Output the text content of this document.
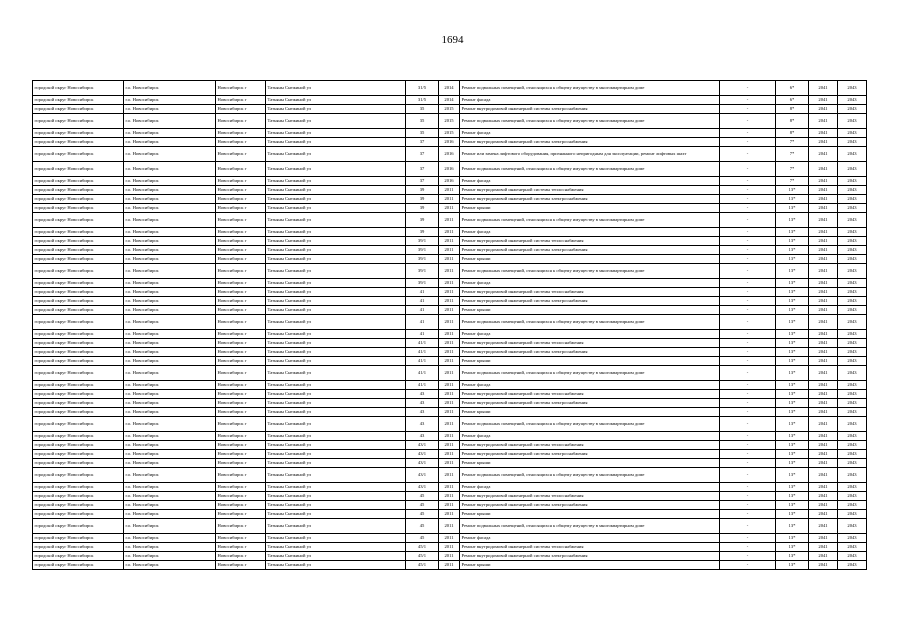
1694
городской округ Новосибирск	г.о. Новосибирск	Новосибирск г	Татьяны Снежиной ул	31/5	2014	Ремонт подвальных помещений, относящихся к общему имуществу в многоквартирном доме	-	6*	2041	2043
городской округ Новосибирск	г.о. Новосибирск	Новосибирск г	Татьяны Снежиной ул	31/5	2014	Ремонт фасада	-	6*	2041	2043
городской округ Новосибирск	г.о. Новосибирск	Новосибирск г	Татьяны Снежиной ул	35	2015	Ремонт внутридомовой инженерной системы электроснабжения	-	8*	2041	2043
городской округ Новосибирск	г.о. Новосибирск	Новосибирск г	Татьяны Снежиной ул	35	2015	Ремонт подвальных помещений, относящихся к общему имуществу в многоквартирном доме	-	8*	2041	2043
городской округ Новосибирск	г.о. Новосибирск	Новосибирск г	Татьяны Снежиной ул	35	2015	Ремонт фасада	-	8*	2041	2043
городской округ Новосибирск	г.о. Новосибирск	Новосибирск г	Татьяны Снежиной ул	37	2016	Ремонт внутридомовой инженерной системы электроснабжения	-	7*	2041	2043
городской округ Новосибирск	г.о. Новосибирск	Новосибирск г	Татьяны Снежиной ул	37	2016	Ремонт или замена лифтового оборудования, признанного непригодным для эксплуатации, ремонт лифтовых шахт	-	7*	2041	2043
городской округ Новосибирск	г.о. Новосибирск	Новосибирск г	Татьяны Снежиной ул	37	2016	Ремонт подвальных помещений, относящихся к общему имуществу в многоквартирном доме	-	7*	2041	2043
городской округ Новосибирск	г.о. Новосибирск	Новосибирск г	Татьяны Снежиной ул	37	2016	Ремонт фасада	-	7*	2041	2043
городской округ Новосибирск	г.о. Новосибирск	Новосибирск г	Татьяны Снежиной ул	39	2011	Ремонт внутридомовой инженерной системы теплоснабжения	-	13*	2041	2043
городской округ Новосибирск	г.о. Новосибирск	Новосибирск г	Татьяны Снежиной ул	39	2011	Ремонт внутридомовой инженерной системы электроснабжения	-	13*	2041	2043
городской округ Новосибирск	г.о. Новосибирск	Новосибирск г	Татьяны Снежиной ул	39	2011	Ремонт крыши	-	13*	2041	2043
городской округ Новосибирск	г.о. Новосибирск	Новосибирск г	Татьяны Снежиной ул	39	2011	Ремонт подвальных помещений, относящихся к общему имуществу в многоквартирном доме	-	13*	2041	2043
городской округ Новосибирск	г.о. Новосибирск	Новосибирск г	Татьяны Снежиной ул	39	2011	Ремонт фасада	-	13*	2041	2043
городской округ Новосибирск	г.о. Новосибирск	Новосибирск г	Татьяны Снежиной ул	39/1	2011	Ремонт внутридомовой инженерной системы теплоснабжения	-	13*	2041	2043
городской округ Новосибирск	г.о. Новосибирск	Новосибирск г	Татьяны Снежиной ул	39/1	2011	Ремонт внутридомовой инженерной системы электроснабжения	-	13*	2041	2043
городской округ Новосибирск	г.о. Новосибирск	Новосибирск г	Татьяны Снежиной ул	39/1	2011	Ремонт крыши	-	13*	2041	2043
городской округ Новосибирск	г.о. Новосибирск	Новосибирск г	Татьяны Снежиной ул	39/1	2011	Ремонт подвальных помещений, относящихся к общему имуществу в многоквартирном доме	-	13*	2041	2043
городской округ Новосибирск	г.о. Новосибирск	Новосибирск г	Татьяны Снежиной ул	39/1	2011	Ремонт фасада	-	13*	2041	2043
городской округ Новосибирск	г.о. Новосибирск	Новосибирск г	Татьяны Снежиной ул	41	2011	Ремонт внутридомовой инженерной системы теплоснабжения	-	13*	2041	2043
городской округ Новосибирск	г.о. Новосибирск	Новосибирск г	Татьяны Снежиной ул	41	2011	Ремонт внутридомовой инженерной системы электроснабжения	-	13*	2041	2043
городской округ Новосибирск	г.о. Новосибирск	Новосибирск г	Татьяны Снежиной ул	41	2011	Ремонт крыши	-	13*	2041	2043
городской округ Новосибирск	г.о. Новосибирск	Новосибирск г	Татьяны Снежиной ул	41	2011	Ремонт подвальных помещений, относящихся к общему имуществу в многоквартирном доме	-	13*	2041	2043
городской округ Новосибирск	г.о. Новосибирск	Новосибирск г	Татьяны Снежиной ул	41	2011	Ремонт фасада	-	13*	2041	2043
городской округ Новосибирск	г.о. Новосибирск	Новосибирск г	Татьяны Снежиной ул	41/1	2011	Ремонт внутридомовой инженерной системы теплоснабжения	-	13*	2041	2043
городской округ Новосибирск	г.о. Новосибирск	Новосибирск г	Татьяны Снежиной ул	41/1	2011	Ремонт внутридомовой инженерной системы электроснабжения	-	13*	2041	2043
городской округ Новосибирск	г.о. Новосибирск	Новосибирск г	Татьяны Снежиной ул	41/1	2011	Ремонт крыши	-	13*	2041	2043
городской округ Новосибирск	г.о. Новосибирск	Новосибирск г	Татьяны Снежиной ул	41/1	2011	Ремонт подвальных помещений, относящихся к общему имуществу в многоквартирном доме	-	13*	2041	2043
городской округ Новосибирск	г.о. Новосибирск	Новосибирск г	Татьяны Снежиной ул	41/1	2011	Ремонт фасада	-	13*	2041	2043
городской округ Новосибирск	г.о. Новосибирск	Новосибирск г	Татьяны Снежиной ул	43	2011	Ремонт внутридомовой инженерной системы теплоснабжения	-	13*	2041	2043
городской округ Новосибирск	г.о. Новосибирск	Новосибирск г	Татьяны Снежиной ул	43	2011	Ремонт внутридомовой инженерной системы электроснабжения	-	13*	2041	2043
городской округ Новосибирск	г.о. Новосибирск	Новосибирск г	Татьяны Снежиной ул	43	2011	Ремонт крыши	-	13*	2041	2043
городской округ Новосибирск	г.о. Новосибирск	Новосибирск г	Татьяны Снежиной ул	43	2011	Ремонт подвальных помещений, относящихся к общему имуществу в многоквартирном доме	-	13*	2041	2043
городской округ Новосибирск	г.о. Новосибирск	Новосибирск г	Татьяны Снежиной ул	43	2011	Ремонт фасада	-	13*	2041	2043
городской округ Новосибирск	г.о. Новосибирск	Новосибирск г	Татьяны Снежиной ул	43/1	2011	Ремонт внутридомовой инженерной системы теплоснабжения	-	13*	2041	2043
городской округ Новосибирск	г.о. Новосибирск	Новосибирск г	Татьяны Снежиной ул	43/1	2011	Ремонт внутридомовой инженерной системы электроснабжения	-	13*	2041	2043
городской округ Новосибирск	г.о. Новосибирск	Новосибирск г	Татьяны Снежиной ул	43/1	2011	Ремонт крыши	-	13*	2041	2043
городской округ Новосибирск	г.о. Новосибирск	Новосибирск г	Татьяны Снежиной ул	43/1	2011	Ремонт подвальных помещений, относящихся к общему имуществу в многоквартирном доме	-	13*	2041	2043
городской округ Новосибирск	г.о. Новосибирск	Новосибирск г	Татьяны Снежиной ул	43/1	2011	Ремонт фасада	-	13*	2041	2043
городской округ Новосибирск	г.о. Новосибирск	Новосибирск г	Татьяны Снежиной ул	45	2011	Ремонт внутридомовой инженерной системы теплоснабжения	-	13*	2041	2043
городской округ Новосибирск	г.о. Новосибирск	Новосибирск г	Татьяны Снежиной ул	45	2011	Ремонт внутридомовой инженерной системы электроснабжения	-	13*	2041	2043
городской округ Новосибирск	г.о. Новосибирск	Новосибирск г	Татьяны Снежиной ул	45	2011	Ремонт крыши	-	13*	2041	2043
городской округ Новосибирск	г.о. Новосибирск	Новосибирск г	Татьяны Снежиной ул	45	2011	Ремонт подвальных помещений, относящихся к общему имуществу в многоквартирном доме	-	13*	2041	2043
городской округ Новосибирск	г.о. Новосибирск	Новосибирск г	Татьяны Снежиной ул	45	2011	Ремонт фасада	-	13*	2041	2043
городской округ Новосибирск	г.о. Новосибирск	Новосибирск г	Татьяны Снежиной ул	45/1	2011	Ремонт внутридомовой инженерной системы теплоснабжения	-	13*	2041	2043
городской округ Новосибирск	г.о. Новосибирск	Новосибирск г	Татьяны Снежиной ул	45/1	2011	Ремонт внутридомовой инженерной системы электроснабжения	-	13*	2041	2043
городской округ Новосибирск	г.о. Новосибирск	Новосибирск г	Татьяны Снежиной ул	45/1	2011	Ремонт крыши	-	13*	2041	2043
